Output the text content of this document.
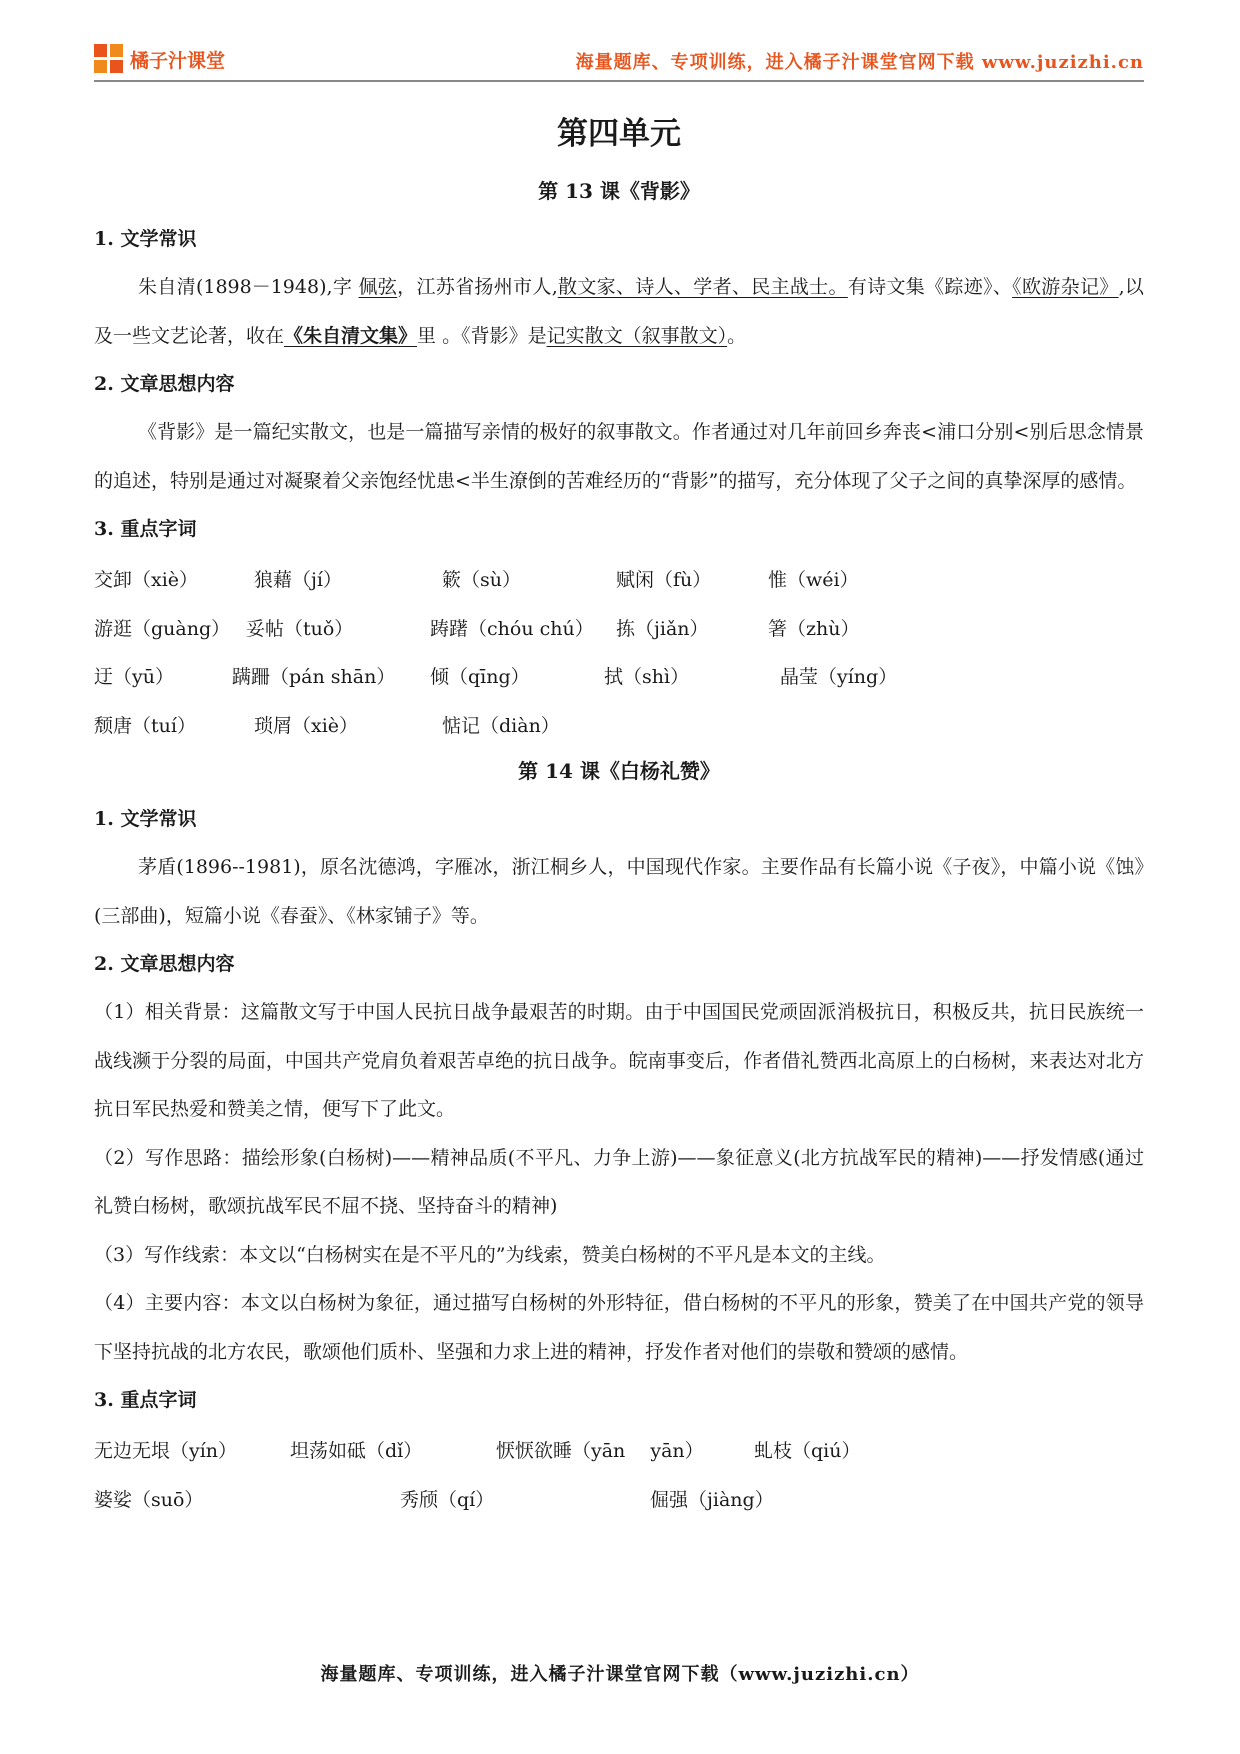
橘子汁课堂	海量题库、专项训练，进入橘子汁课堂官网下载 www.juzizhi.cn
第四单元
第 13 课《背影》
1. 文学常识
朱自清(1898－1948),字 佩弦，江苏省扬州市人,散文家、诗人、学者、民主战士。有诗文集《踪迹》、《欧游杂记》,以及一些文艺论著，收在《朱自清文集》里 。《背影》是记实散文（叙事散文）。
2. 文章思想内容
《背影》是一篇纪实散文，也是一篇描写亲情的极好的叙事散文。作者通过对几年前回乡奔丧<浦口分别<别后思念情景的追述，特别是通过对凝聚着父亲饱经忧患<半生潦倒的苦难经历的“背影”的描写，充分体现了父子之间的真挚深厚的感情。
3. 重点字词
交卸（xiè）	狼藉（jí）	簌（sù）	赋闲（fù）	惟（wéi）
游逛（guàng） 妥帖（tuǒ）	踌躇（chóu chú） 拣（jiǎn）	箸（zhù）
迂（yū）	蹒跚（pán shān） 倾（qīng）	拭（shì）	晶莹（yíng）
颓唐（tuí）	琐屑（xiè）	惦记（diàn）
第 14 课《白杨礼赞》
1. 文学常识
茅盾(1896--1981)，原名沈德鸿，字雁冰，浙江桐乡人，中国现代作家。主要作品有长篇小说《子夜》，中篇小说《蚀》(三部曲)，短篇小说《春蚕》、《林家铺子》等。
2. 文章思想内容
（1）相关背景：这篇散文写于中国人民抗日战争最艰苦的时期。由于中国国民党顽固派消极抗日，积极反共，抗日民族统一战线濒于分裂的局面，中国共产党肩负着艰苦卓绝的抗日战争。皖南事变后，作者借礼赞西北高原上的白杨树，来表达对北方抗日军民热爱和赞美之情，便写下了此文。
（2）写作思路：描绘形象(白杨树)——精神品质(不平凡、力争上游)——象征意义(北方抗战军民的精神)——抒发情感(通过礼赞白杨树，歌颂抗战军民不屈不挠、坚持奋斗的精神)
（3）写作线索：本文以“白杨树实在是不平凡的”为线索，赞美白杨树的不平凡是本文的主线。
（4）主要内容：本文以白杨树为象征，通过描写白杨树的外形特征，借白杨树的不平凡的形象，赞美了在中国共产党的领导下坚持抗战的北方农民，歌颂他们质朴、坚强和力求上进的精神，抒发作者对他们的崇敬和赞颂的感情。
3. 重点字词
无边无垠（yín）	坦荡如砥（dǐ）	恹恹欲睡（yān　 yān）	虬枝（qiú）
婆娑（suō）	秀颀（qí）	倔强（jiàng）
海量题库、专项训练，进入橘子汁课堂官网下载（www.juzizhi.cn）
